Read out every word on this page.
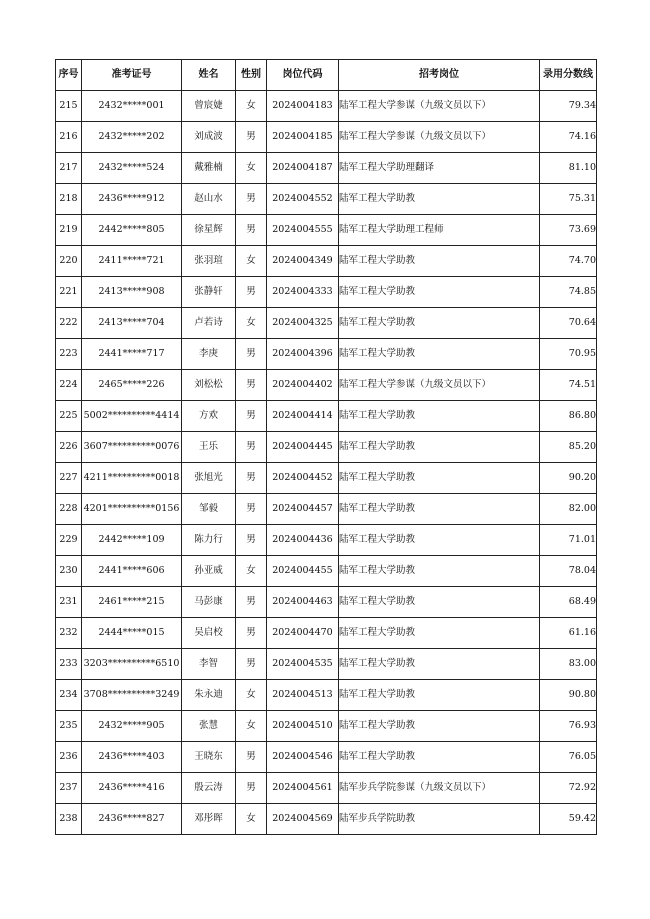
序号	准考证号	姓名	性别	岗位代码	招考岗位	录用分数线
215	2432*****001	曾宸婕	女	2024004183	陆军工程大学参谋（九级文员以下）	79.34
216	2432*****202	刘成波	男	2024004185	陆军工程大学参谋（九级文员以下）	74.16
217	2432*****524	戴雅楠	女	2024004187	陆军工程大学助理翻译	81.10
218	2436*****912	赵山水	男	2024004552	陆军工程大学助教	75.31
219	2442*****805	徐星辉	男	2024004555	陆军工程大学助理工程师	73.69
220	2411*****721	张羽瑄	女	2024004349	陆军工程大学助教	74.70
221	2413*****908	张静轩	男	2024004333	陆军工程大学助教	74.85
222	2413*****704	卢若诗	女	2024004325	陆军工程大学助教	70.64
223	2441*****717	李庚	男	2024004396	陆军工程大学助教	70.95
224	2465*****226	刘松松	男	2024004402	陆军工程大学参谋（九级文员以下）	74.51
225	5002**********4414	方欢	男	2024004414	陆军工程大学助教	86.80
226	3607**********0076	王乐	男	2024004445	陆军工程大学助教	85.20
227	4211**********0018	张旭光	男	2024004452	陆军工程大学助教	90.20
228	4201**********0156	邹毅	男	2024004457	陆军工程大学助教	82.00
229	2442*****109	陈力行	男	2024004436	陆军工程大学助教	71.01
230	2441*****606	孙亚威	女	2024004455	陆军工程大学助教	78.04
231	2461*****215	马彭康	男	2024004463	陆军工程大学助教	68.49
232	2444*****015	吴启校	男	2024004470	陆军工程大学助教	61.16
233	3203**********6510	李智	男	2024004535	陆军工程大学助教	83.00
234	3708**********3249	朱永迪	女	2024004513	陆军工程大学助教	90.80
235	2432*****905	张慧	女	2024004510	陆军工程大学助教	76.93
236	2436*****403	王晓东	男	2024004546	陆军工程大学助教	76.05
237	2436*****416	殷云涛	男	2024004561	陆军步兵学院参谋（九级文员以下）	72.92
238	2436*****827	邓彤晖	女	2024004569	陆军步兵学院助教	59.42
